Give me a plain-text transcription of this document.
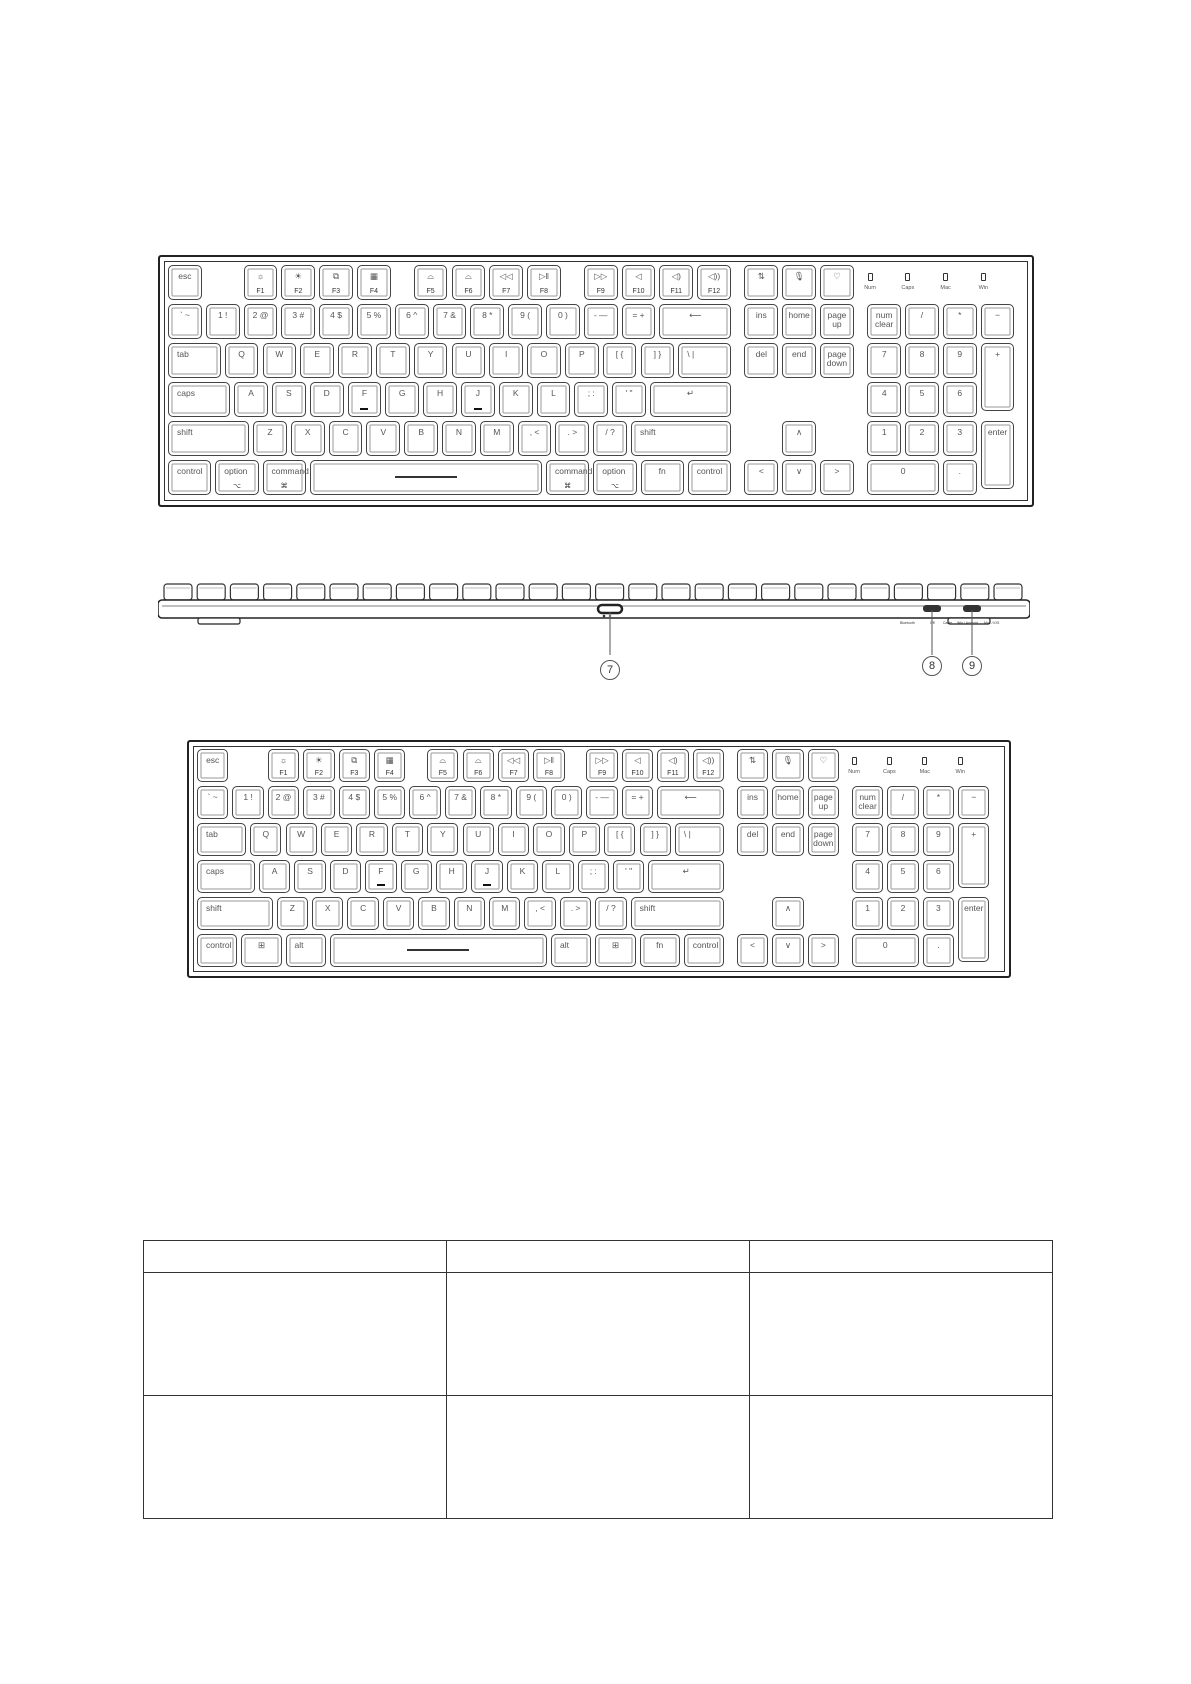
esc	☼
F1
☀
F2
⧉
F3
▦
F4
⌓
F5
⌓
F6
◁◁
F7
▷‖
F8
▷▷
F9
◁
F10
◁)
F11
◁))
F12
⇅	🎙	♡
` ~	1 !	2 @	3 #	4 $	5 %	6 ^	7 &	8 *	9 (	0 )	- —	= +	⟵	ins	home	page
up
num
clear
/	*	−
tab	Q	W	E	R	T	Y	U	I	O	P	[ {	] }	\ |	del	end	page
down
7	8	9	+
caps	A	S	D	F	G	H	J	K	L	; :	' "	↵	4	5	6
shift	Z	X	C	V	B	N	M	, <	. >	/ ?	shift	∧	1	2	3	enter
control	option
⌥
command
⌘
command
⌘
option
⌥
fn	control	<	∨	>	0	.
Num	Caps	Mac	Win
Bluetooth	Off Cable Win / Android Mac / iOS
7	8	9
esc	☼
F1
☀
F2
⧉
F3
▦
F4
⌓
F5
⌓
F6
◁◁
F7
▷‖
F8
▷▷
F9
◁
F10
◁)
F11
◁))
F12
⇅	🎙	♡
` ~	1 !	2 @	3 #	4 $	5 %	6 ^	7 &	8 *	9 (	0 )	- —	= +	⟵	ins	home	page
up
num
clear
/	*	−
tab	Q	W	E	R	T	Y	U	I	O	P	[ {	] }	\ |	del	end	page
down
7	8	9	+
caps	A	S	D	F	G	H	J	K	L	; :	' "	↵	4	5	6
shift	Z	X	C	V	B	N	M	, <	. >	/ ?	shift	∧	1	2	3	enter
control	⊞	alt	alt	⊞	fn	control	<	∨	>	0	.
Num	Caps	Mac	Win
